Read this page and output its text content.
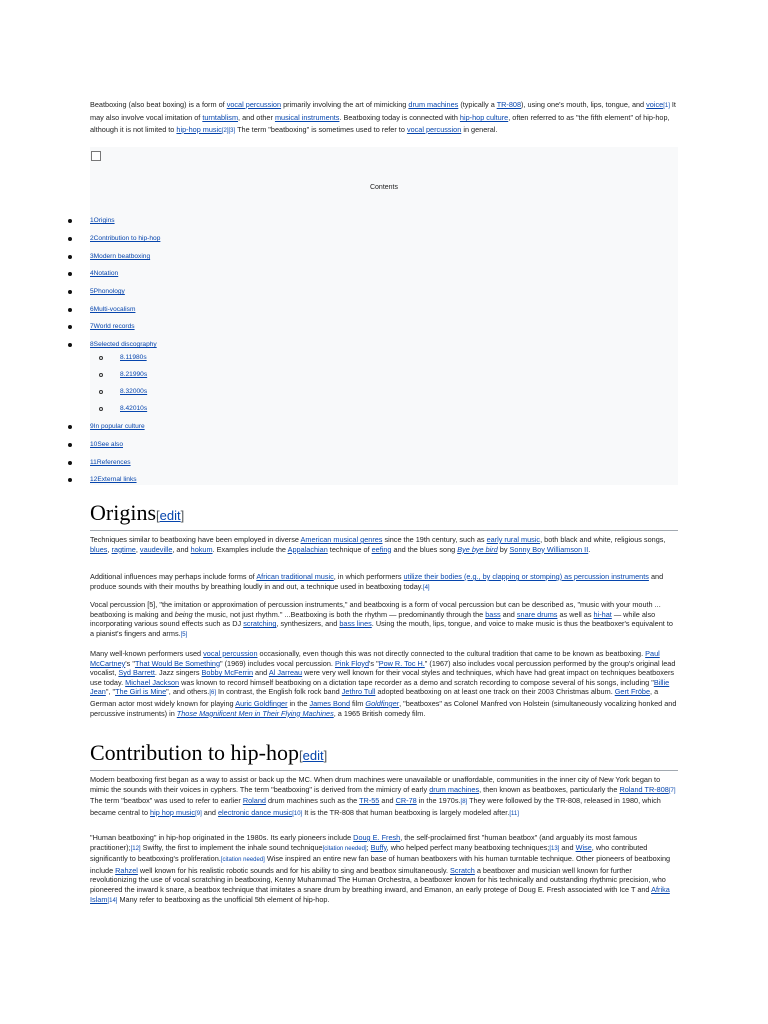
Beatboxing (also beat boxing) is a form of vocal percussion primarily involving the art of mimicking drum machines (typically a TR-808), using one's mouth, lips, tongue, and voice[1] It may also involve vocal imitation of turntablism, and other musical instruments. Beatboxing today is connected with hip-hop culture, often referred to as "the fifth element" of hip-hop, although it is not limited to hip-hop music[2][3] The term "beatboxing" is sometimes used to refer to vocal percussion in general.
Contents
1Origins
2Contribution to hip-hop
3Modern beatboxing
4Notation
5Phonology
6Multi-vocalism
7World records
8Selected discography
8.11980s
8.21990s
8.32000s
8.42010s
9In popular culture
10See also
11References
12External links
Origins[edit]
Techniques similar to beatboxing have been employed in diverse American musical genres since the 19th century, such as early rural music, both black and white, religious songs, blues, ragtime, vaudeville, and hokum. Examples include the Appalachian technique of eefing and the blues song Bye bye bird by Sonny Boy Williamson II.
Additional influences may perhaps include forms of African traditional music, in which performers utilize their bodies (e.g., by clapping or stomping) as percussion instruments and produce sounds with their mouths by breathing loudly in and out, a technique used in beatboxing today.[4]
Vocal percussion [5], "the imitation or approximation of percussion instruments," and beatboxing is a form of vocal percussion but can be described as, "music with your mouth ... beatboxing is making and being the music, not just rhythm." ...Beatboxing is both the rhythm — predominantly through the bass and snare drums as well as hi-hat — while also incorporating various sound effects such as DJ scratching, synthesizers, and bass lines. Using the mouth, lips, tongue, and voice to make music is thus the beatboxer's equivalent to a pianist's fingers and arms.[5]
Many well-known performers used vocal percussion occasionally, even though this was not directly connected to the cultural tradition that came to be known as beatboxing. Paul McCartney's "That Would Be Something" (1969) includes vocal percussion. Pink Floyd's "Pow R. Toc H." (1967) also includes vocal percussion performed by the group's original lead vocalist, Syd Barrett. Jazz singers Bobby McFerrin and Al Jarreau were very well known for their vocal styles and techniques, which have had great impact on techniques beatboxers use today. Michael Jackson was known to record himself beatboxing on a dictation tape recorder as a demo and scratch recording to compose several of his songs, including "Billie Jean", "The Girl is Mine", and others.[6] In contrast, the English folk rock band Jethro Tull adopted beatboxing on at least one track on their 2003 Christmas album. Gert Fröbe, a German actor most widely known for playing Auric Goldfinger in the James Bond film Goldfinger, "beatboxes" as Colonel Manfred von Holstein (simultaneously vocalizing honked and percussive instruments) in Those Magnificent Men in Their Flying Machines, a 1965 British comedy film.
Contribution to hip-hop[edit]
Modern beatboxing first began as a way to assist or back up the MC. When drum machines were unavailable or unaffordable, communities in the inner city of New York began to mimic the sounds with their voices in cyphers. The term "beatboxing" is derived from the mimicry of early drum machines, then known as beatboxes, particularly the Roland TR-808[7] The term "beatbox" was used to refer to earlier Roland drum machines such as the TR-55 and CR-78 in the 1970s.[8] They were followed by the TR-808, released in 1980, which became central to hip hop music[9] and electronic dance music[10] It is the TR-808 that human beatboxing is largely modeled after.[11]
"Human beatboxing" in hip-hop originated in the 1980s. Its early pioneers include Doug E. Fresh, the self-proclaimed first "human beatbox" (and arguably its most famous practitioner);[12] Swifty, the first to implement the inhale sound technique[citation needed]; Buffy, who helped perfect many beatboxing techniques;[13] and Wise, who contributed significantly to beatboxing's proliferation.[citation needed] Wise inspired an entire new fan base of human beatboxers with his human turntable technique. Other pioneers of beatboxing include Rahzel well known for his realistic robotic sounds and for his ability to sing and beatbox simultaneously. Scratch a beatboxer and musician well known for further revolutionizing the use of vocal scratching in beatboxing, Kenny Muhammad The Human Orchestra, a beatboxer known for his technically and outstanding rhythmic precision, who pioneered the inward k snare, a beatbox technique that imitates a snare drum by breathing inward, and Emanon, an early protege of Doug E. Fresh associated with Ice T and Afrika Islam[14] Many refer to beatboxing as the unofficial 5th element of hip-hop.
